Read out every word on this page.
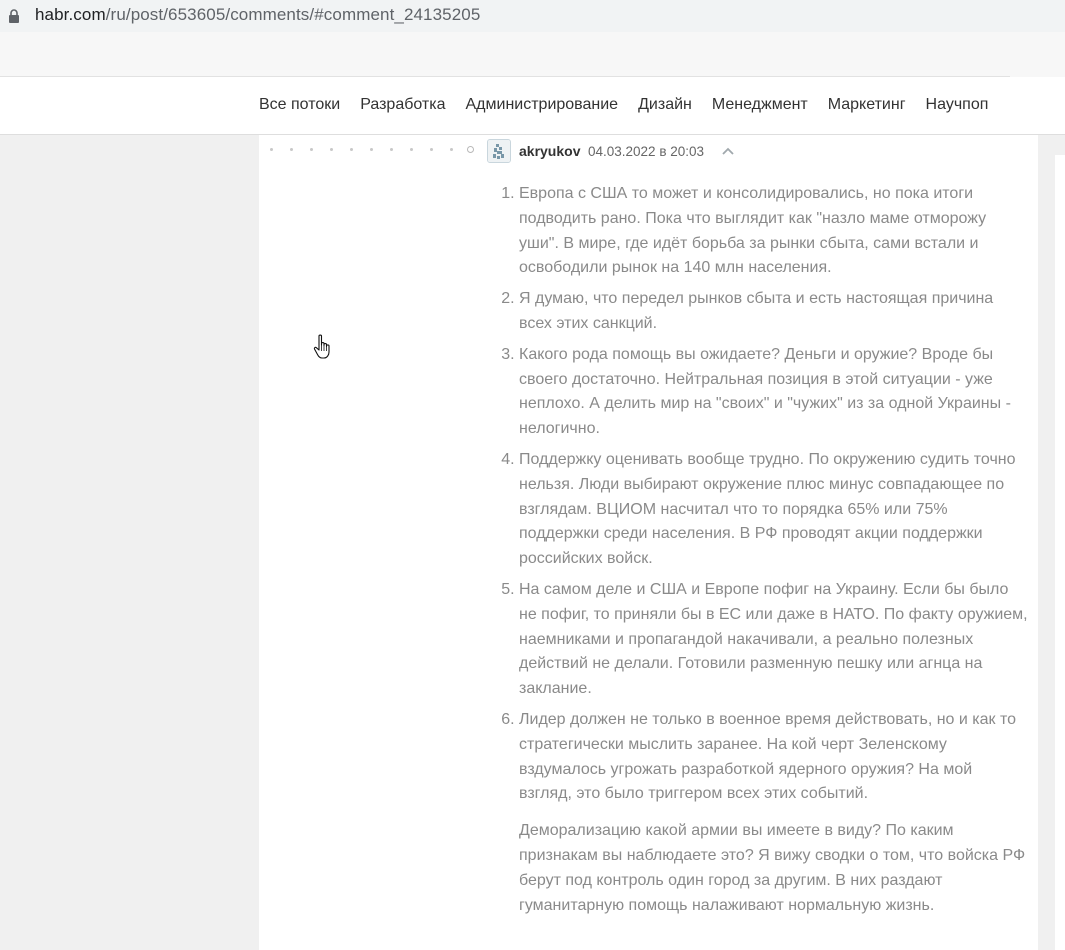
habr.com/ru/post/653605/comments/#comment_24135205
Все потоки Разработка Администрирование Дизайн Менеджмент Маркетинг Научпоп
akryukov 04.03.2022 в 20:03
1. Европа с США то может и консолидировались, но пока итоги подводить рано. Пока что выглядит как "назло маме отморожу уши". В мире, где идёт борьба за рынки сбыта, сами встали и освободили рынок на 140 млн населения.
2. Я думаю, что передел рынков сбыта и есть настоящая причина всех этих санкций.
3. Какого рода помощь вы ожидаете? Деньги и оружие? Вроде бы своего достаточно. Нейтральная позиция в этой ситуации - уже неплохо. А делить мир на "своих" и "чужих" из за одной Украины - нелогично.
4. Поддержку оценивать вообще трудно. По окружению судить точно нельзя. Люди выбирают окружение плюс минус совпадающее по взглядам. ВЦИОМ насчитал что то порядка 65% или 75% поддержки среди населения. В РФ проводят акции поддержки российских войск.
5. На самом деле и США и Европе пофиг на Украину. Если бы было не пофиг, то приняли бы в ЕС или даже в НАТО. По факту оружием, наемниками и пропагандой накачивали, а реально полезных действий не делали. Готовили разменную пешку или агнца на заклание.
6. Лидер должен не только в военное время действовать, но и как то стратегически мыслить заранее. На кой черт Зеленскому вздумалось угрожать разработкой ядерного оружия? На мой взгляд, это было триггером всех этих событий.

Деморализацию какой армии вы имеете в виду? По каким признакам вы наблюдаете это? Я вижу сводки о том, что войска РФ берут под контроль один город за другим. В них раздают гуманитарную помощь налаживают нормальную жизнь.
